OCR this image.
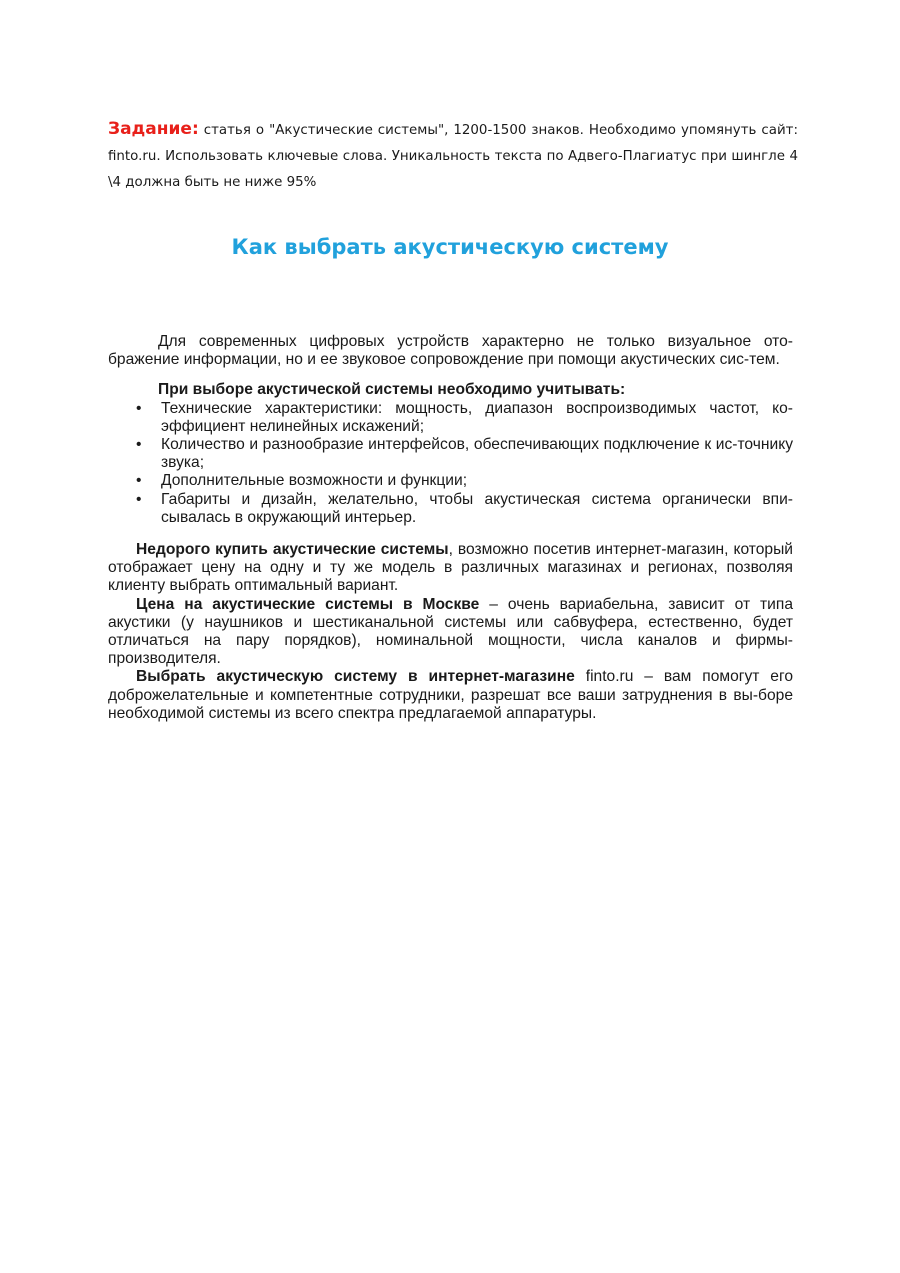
Задание: статья о "Акустические системы", 1200-1500 знаков. Необходимо упомянуть сайт: finto.ru. Использовать ключевые слова. Уникальность текста по Адвего-Плагиатус при шингле 4 \4 должна быть не ниже 95%
Как выбрать акустическую систему

Для современных цифровых устройств характерно не только визуальное ото-бражение информации, но и ее звуковое сопровождение при помощи акустических сис-тем.

При выборе акустической системы необходимо учитывать:

• Технические характеристики: мощность, диапазон воспроизводимых частот, ко-эффициент нелинейных искажений;
• Количество и разнообразие интерфейсов, обеспечивающих подключение к ис-точнику звука;
• Дополнительные возможности и функции;
• Габариты и дизайн, желательно, чтобы акустическая система органически впи-сывалась в окружающий интерьер.

Недорого купить акустические системы, возможно посетив интернет-магазин, который отображает цену на одну и ту же модель в различных магазинах и регионах, позволяя клиенту выбрать оптимальный вариант.

Цена на акустические системы в Москве – очень вариабельна, зависит от типа акустики (у наушников и шестиканальной системы или сабвуфера, естественно, будет отличаться на пару порядков), номинальной мощности, числа каналов и фирмы-производителя.

Выбрать акустическую систему в интернет-магазине finto.ru – вам помогут его доброжелательные и компетентные сотрудники, разрешат все ваши затруднения в вы-боре необходимой системы из всего спектра предлагаемой аппаратуры.
